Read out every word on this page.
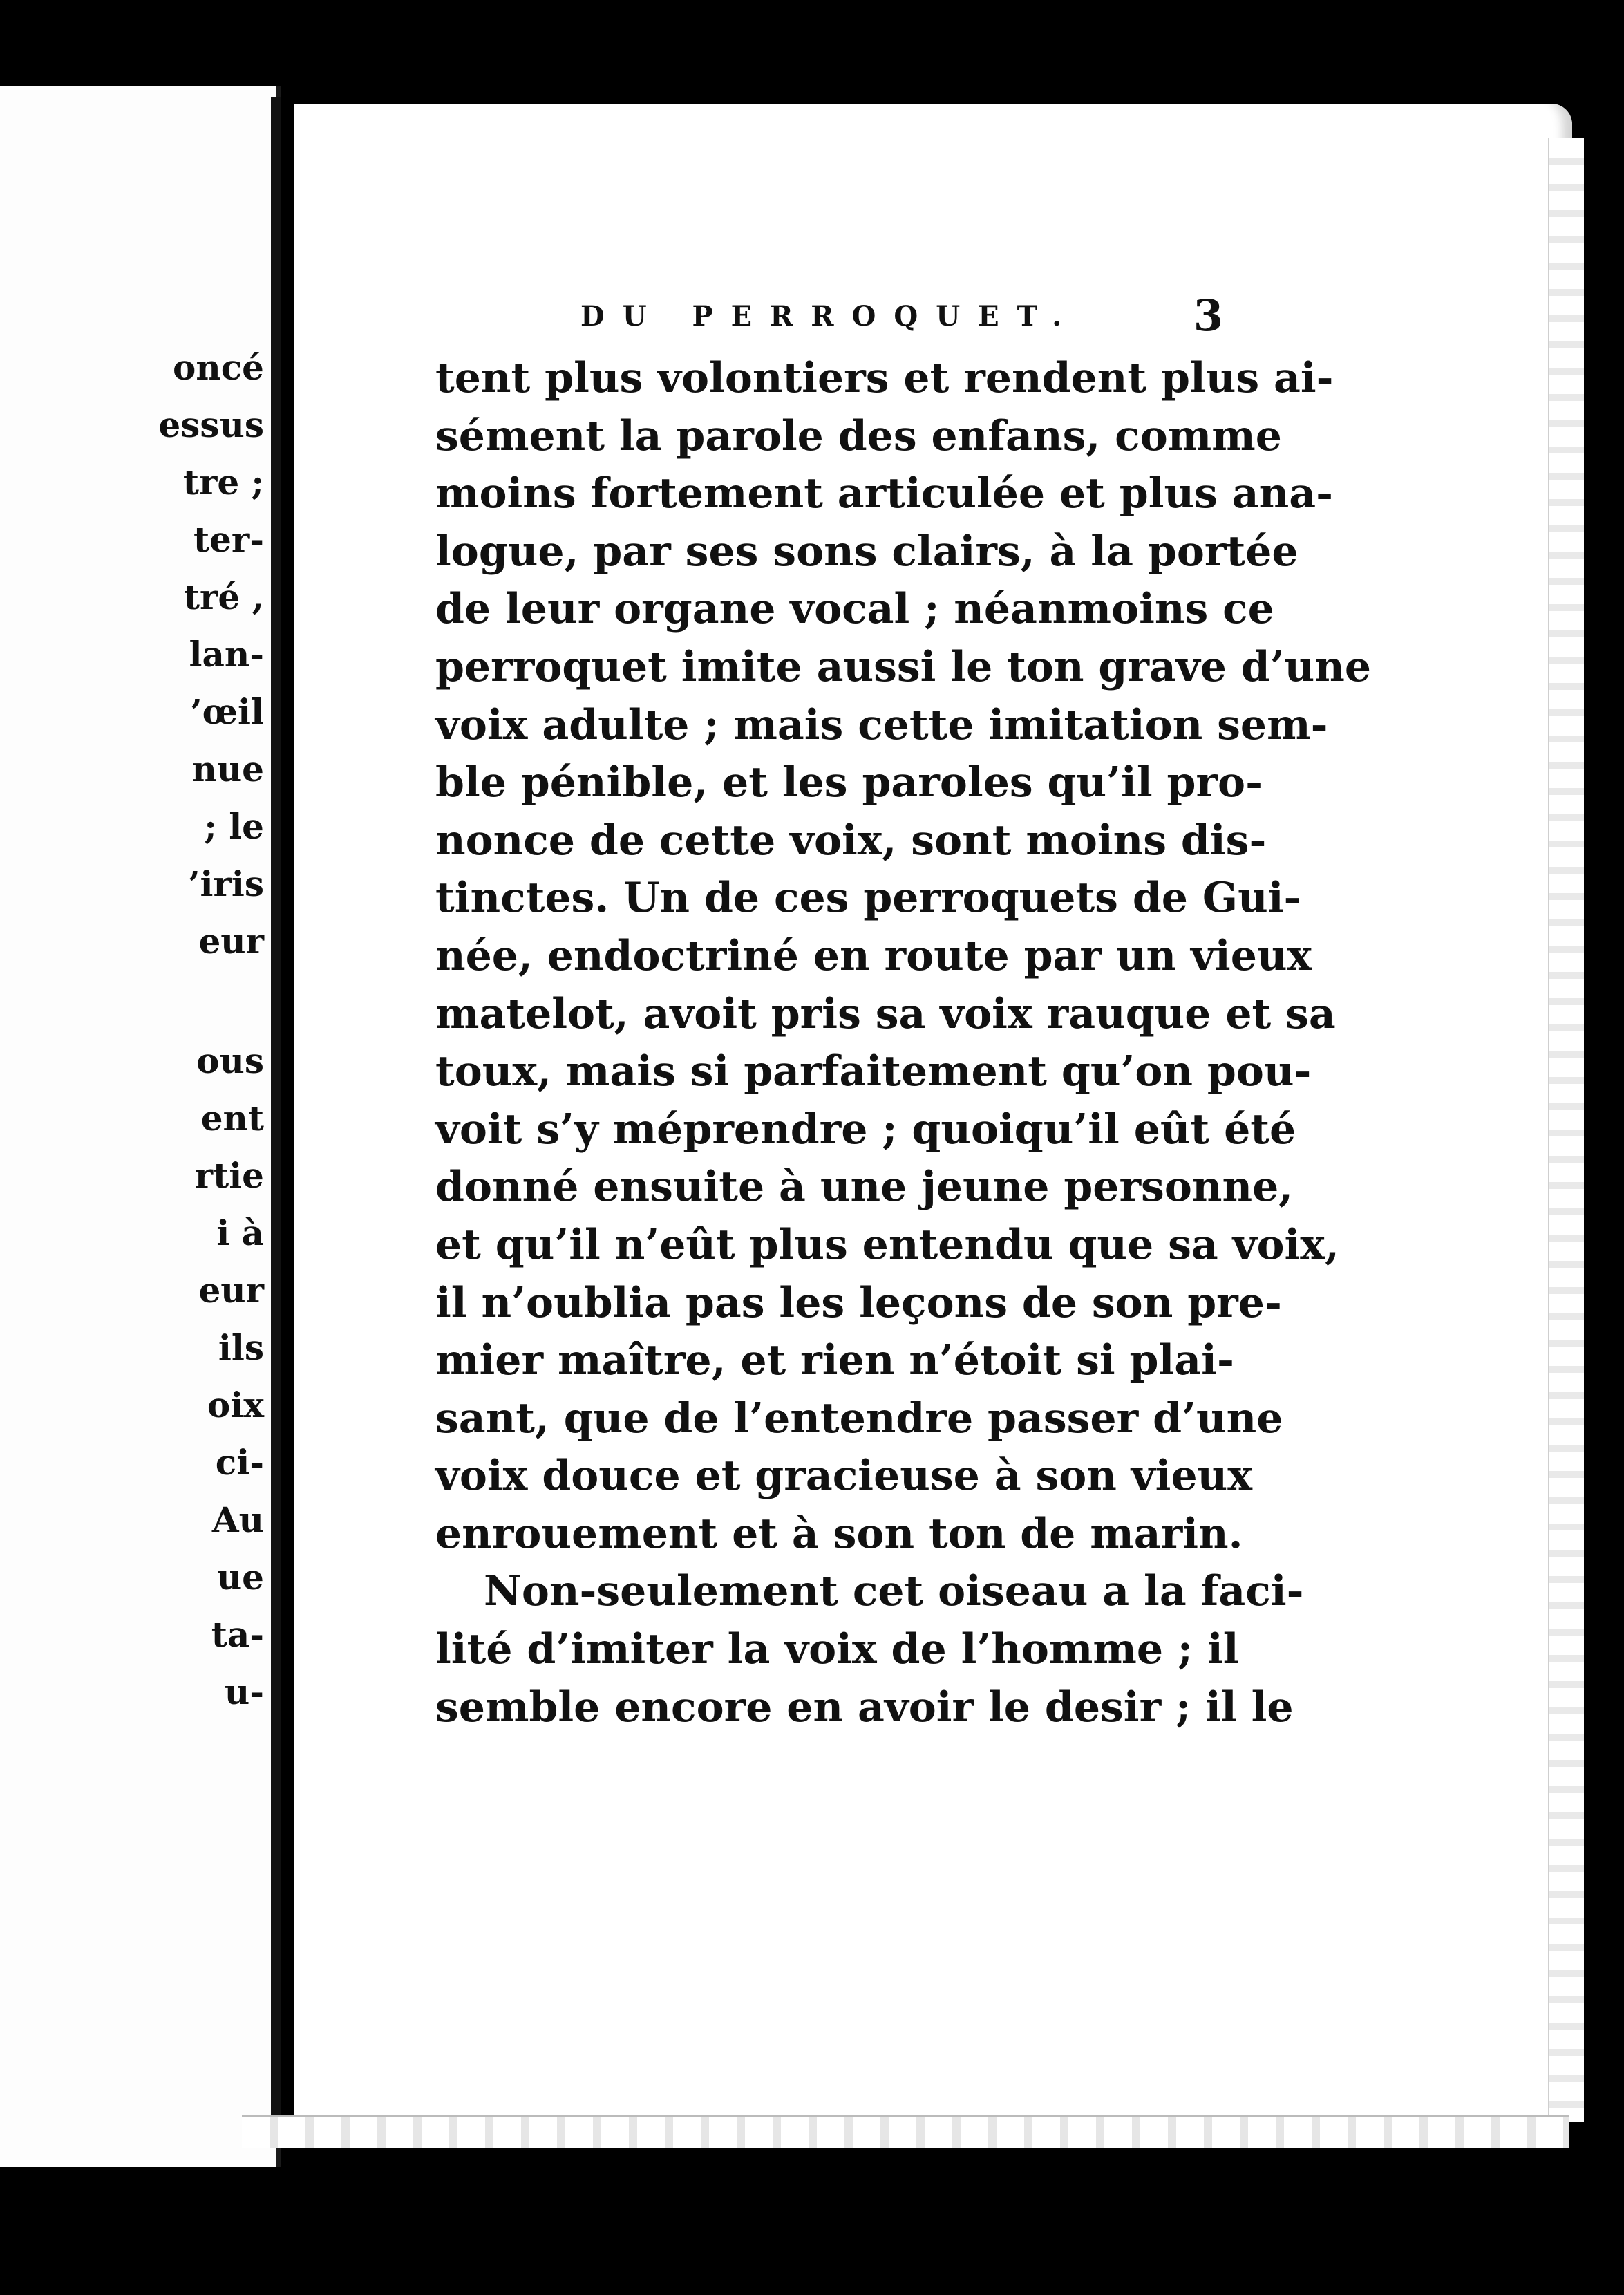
oncé
essus
tre ;
ter-
tré ,
lan-
’œil
nue
; le
’iris
eur
ous
ent
rtie
i à
eur
ils
oix
ci-
Au
ue
ta-
u-
DU PERROQUET.	3
tent plus volontiers et rendent plus ai-
sément la parole des enfans, comme
moins fortement articulée et plus ana-
logue, par ses sons clairs, à la portée
de leur organe vocal ; néanmoins ce
perroquet imite aussi le ton grave d’une
voix adulte ; mais cette imitation sem-
ble pénible, et les paroles qu’il pro-
nonce de cette voix, sont moins dis-
tinctes. Un de ces perroquets de Gui-
née, endoctriné en route par un vieux
matelot, avoit pris sa voix rauque et sa
toux, mais si parfaitement qu’on pou-
voit s’y méprendre ; quoiqu’il eût été
donné ensuite à une jeune personne,
et qu’il n’eût plus entendu que sa voix,
il n’oublia pas les leçons de son pre-
mier maître, et rien n’étoit si plai-
sant, que de l’entendre passer d’une
voix douce et gracieuse à son vieux
enrouement et à son ton de marin.
Non-seulement cet oiseau a la faci-
lité d’imiter la voix de l’homme ; il
semble encore en avoir le desir ; il le
